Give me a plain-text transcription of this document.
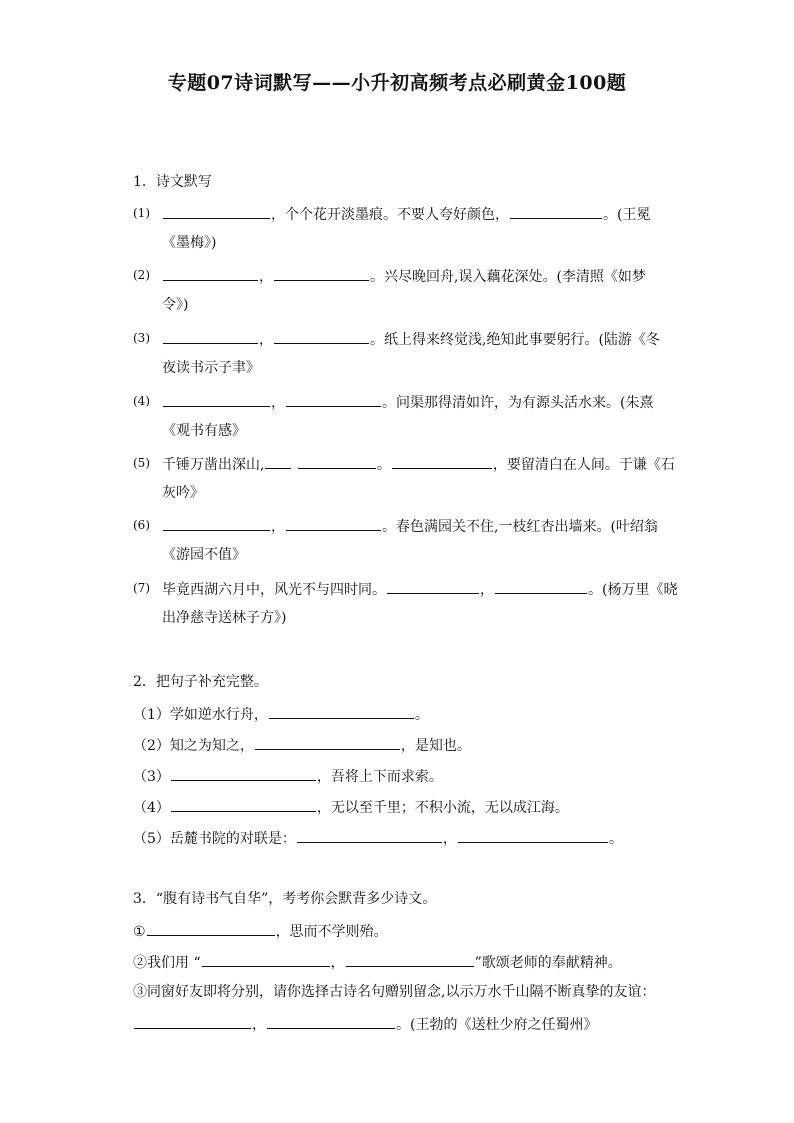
专题07诗词默写——小升初高频考点必刷黄金100题
1．诗文默写
(1)	，个个花开淡墨痕。不要人夸好颜色，	。(王冕
《墨梅》)
(2)	，	。兴尽晚回舟,误入藕花深处。(李清照《如梦
令》)
(3)	，	。纸上得来终觉浅,绝知此事要躬行。(陆游《冬
夜读书示子聿》
(4)	，	。问渠那得清如许，为有源头活水来。(朱熹
《观书有感》
(5) 千锤万凿出深山,	。	，要留清白在人间。于谦《石
灰吟》
(6)	，	。春色满园关不住,一枝红杏出墙来。(叶绍翁
《游园不值》
(7) 毕竟西湖六月中，风光不与四时同。	，	。(杨万里《晓
出净慈寺送林子方》)
2．把句子补充完整。
（1）学如逆水行舟，	。
（2）知之为知之，	，是知也。
（3）	，吾将上下而求索。
（4）	，无以至千里；不积小流，无以成江海。
（5）岳麓书院的对联是：	，	。
3．“腹有诗书气自华”，考考你会默背多少诗文。
①	，思而不学则殆。
②我们用 “	，	”歌颂老师的奉献精神。
③同窗好友即将分别，请你选择古诗名句赠别留念,以示万水千山隔不断真挚的友谊：
，	。(王勃的《送杜少府之任蜀州》
